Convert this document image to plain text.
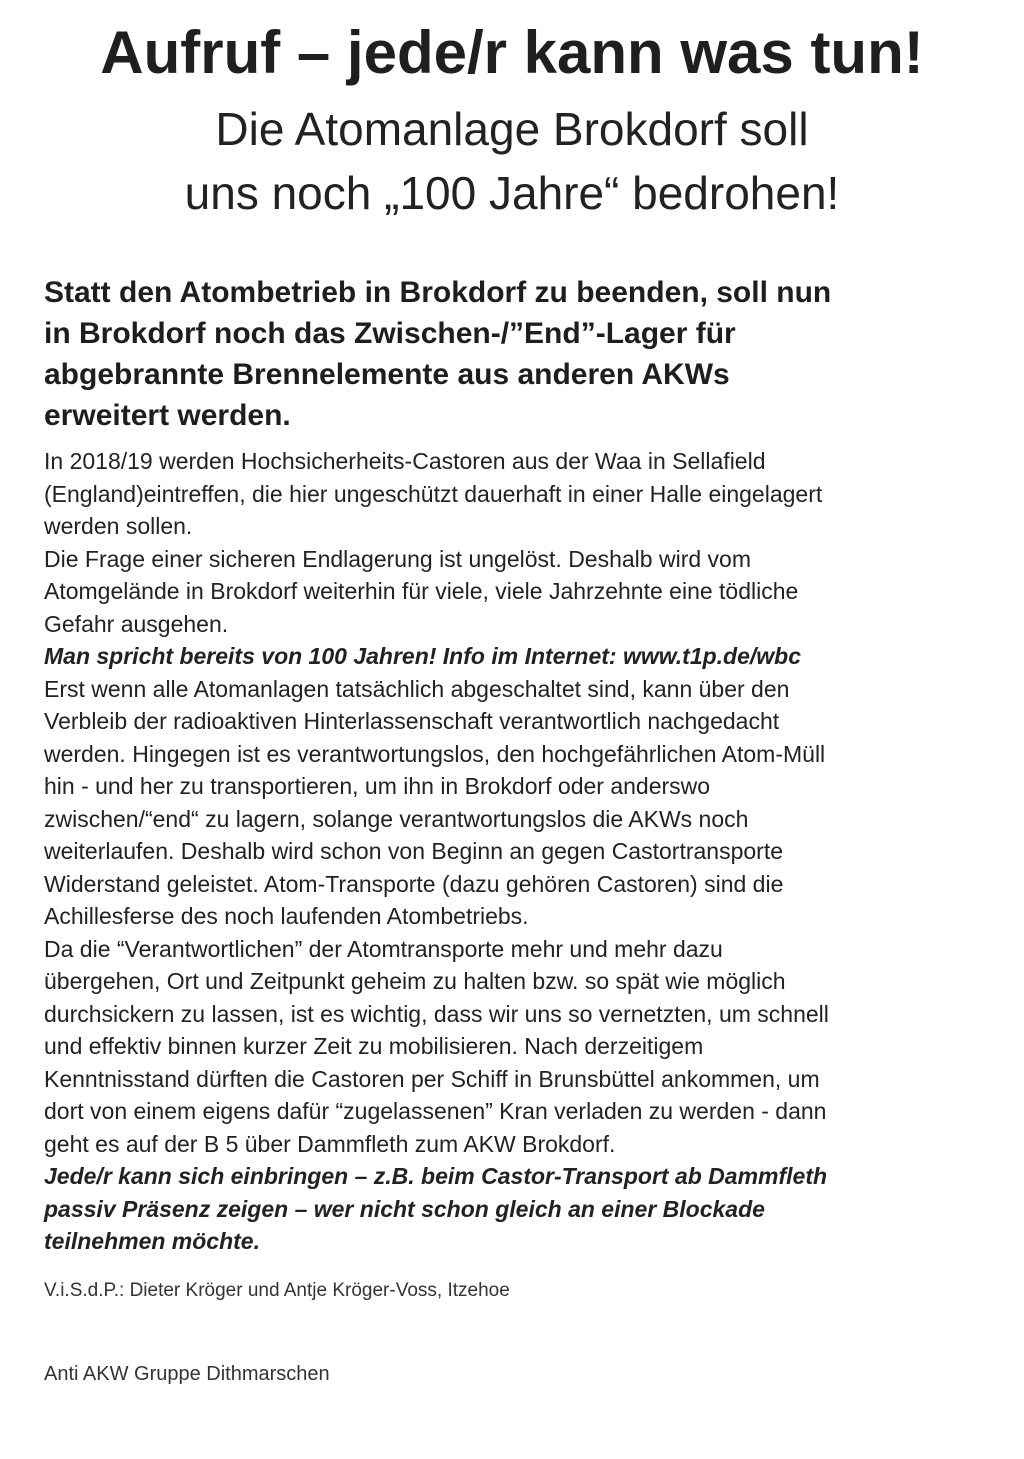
Aufruf – jede/r kann was tun!
Die Atomanlage Brokdorf soll
uns noch „100 Jahre“ bedrohen!
Statt den Atombetrieb in Brokdorf zu beenden, soll nun
in Brokdorf noch das Zwischen-/”End”-Lager für
abgebrannte Brennelemente aus anderen AKWs
erweitert werden.
In 2018/19 werden Hochsicherheits-Castoren aus der Waa in Sellafield
(England)eintreffen, die hier ungeschützt dauerhaft in einer Halle eingelagert
werden sollen.
Die Frage einer sicheren Endlagerung ist ungelöst. Deshalb wird vom
Atomgelände in Brokdorf weiterhin für viele, viele Jahrzehnte eine tödliche
Gefahr ausgehen.
Man spricht bereits von 100 Jahren! Info im Internet: www.t1p.de/wbc
Erst wenn alle Atomanlagen tatsächlich abgeschaltet sind, kann über den
Verbleib der radioaktiven Hinterlassenschaft verantwortlich nachgedacht
werden. Hingegen ist es verantwortungslos, den hochgefährlichen Atom-Müll
hin - und her zu transportieren, um ihn in Brokdorf oder anderswo
zwischen/“end“ zu lagern, solange verantwortungslos die AKWs noch
weiterlaufen. Deshalb wird schon von Beginn an gegen Castortransporte
Widerstand geleistet. Atom-Transporte (dazu gehören Castoren) sind die
Achillesferse des noch laufenden Atombetriebs.
Da die “Verantwortlichen” der Atomtransporte mehr und mehr dazu
übergehen, Ort und Zeitpunkt geheim zu halten bzw. so spät wie möglich
durchsickern zu lassen, ist es wichtig, dass wir uns so vernetzten, um schnell
und effektiv binnen kurzer Zeit zu mobilisieren. Nach derzeitigem
Kenntnisstand dürften die Castoren per Schiff in Brunsbüttel ankommen, um
dort von einem eigens dafür “zugelassenen” Kran verladen zu werden - dann
geht es auf der B 5 über Dammfleth zum AKW Brokdorf.
Jede/r kann sich einbringen – z.B. beim Castor-Transport ab Dammfleth
passiv Präsenz zeigen – wer nicht schon gleich an einer Blockade
teilnehmen möchte.
V.i.S.d.P.: Dieter Kröger und Antje Kröger-Voss, Itzehoe
Anti AKW Gruppe Dithmarschen
